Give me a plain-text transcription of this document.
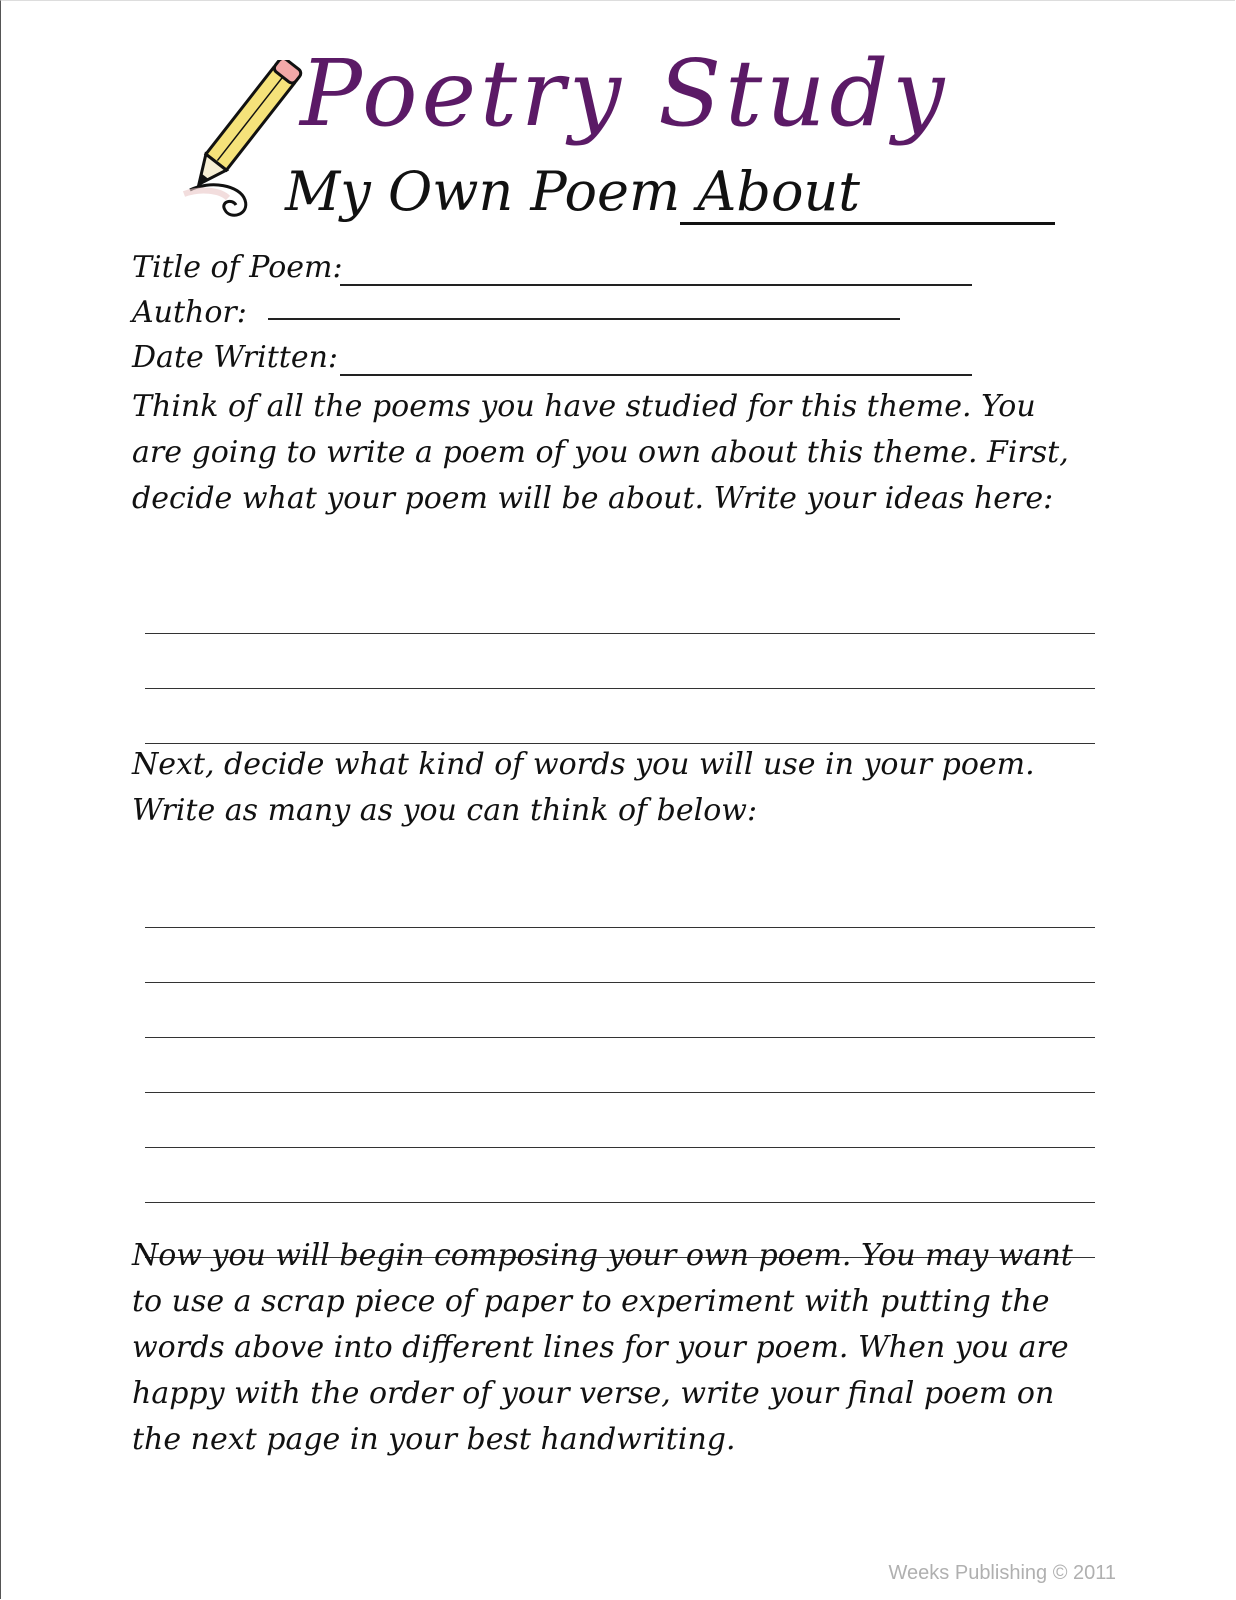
Poetry Study
My Own Poem About
Title of Poem:
Author:
Date Written:
Think of all the poems you have studied for this theme. You are going to write a poem of you own about this theme. First, decide what your poem will be about. Write your ideas here:
Next, decide what kind of words you will use in your poem. Write as many as you can think of below:
Now you will begin composing your own poem. You may want to use a scrap piece of paper to experiment with putting the words above into different lines for your poem. When you are happy with the order of your verse, write your final poem on the next page in your best handwriting.
Weeks Publishing © 2011
